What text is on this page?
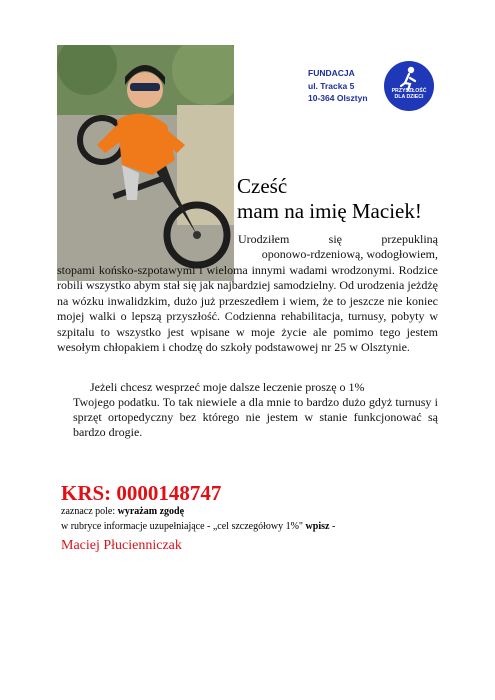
FUNDACJA
ul. Tracka 5
10-364 Olsztyn
PRZYSZŁOŚĆ
DLA DZIECI
Cześć
mam na imię Maciek!
Urodziłem się przepukliną
oponowo-rdzeniową, wodogłowiem,
stopami końsko-szpotawymi i wieloma innymi wadami wrodzonymi. Rodzice robili wszystko abym stał się jak najbardziej samodzielny. Od urodzenia jeżdżę na wózku inwalidzkim, dużo już przeszedłem i wiem, że to jeszcze nie koniec mojej walki o lepszą przyszłość. Codzienna rehabilitacja, turnusy, pobyty w szpitalu to wszystko jest wpisane w moje życie ale pomimo tego jestem wesołym chłopakiem i chodzę do szkoły podstawowej nr 25 w Olsztynie.
Jeżeli chcesz wesprzeć moje dalsze leczenie proszę o 1%
Twojego podatku. To tak niewiele a dla mnie to bardzo dużo gdyż turnusy i sprzęt ortopedyczny bez którego nie jestem w stanie funkcjonować są bardzo drogie.
KRS: 0000148747
zaznacz pole: wyrażam zgodę
w rubryce informacje uzupełniające - „cel szczegółowy 1%" wpisz -
Maciej Płucienniczak
